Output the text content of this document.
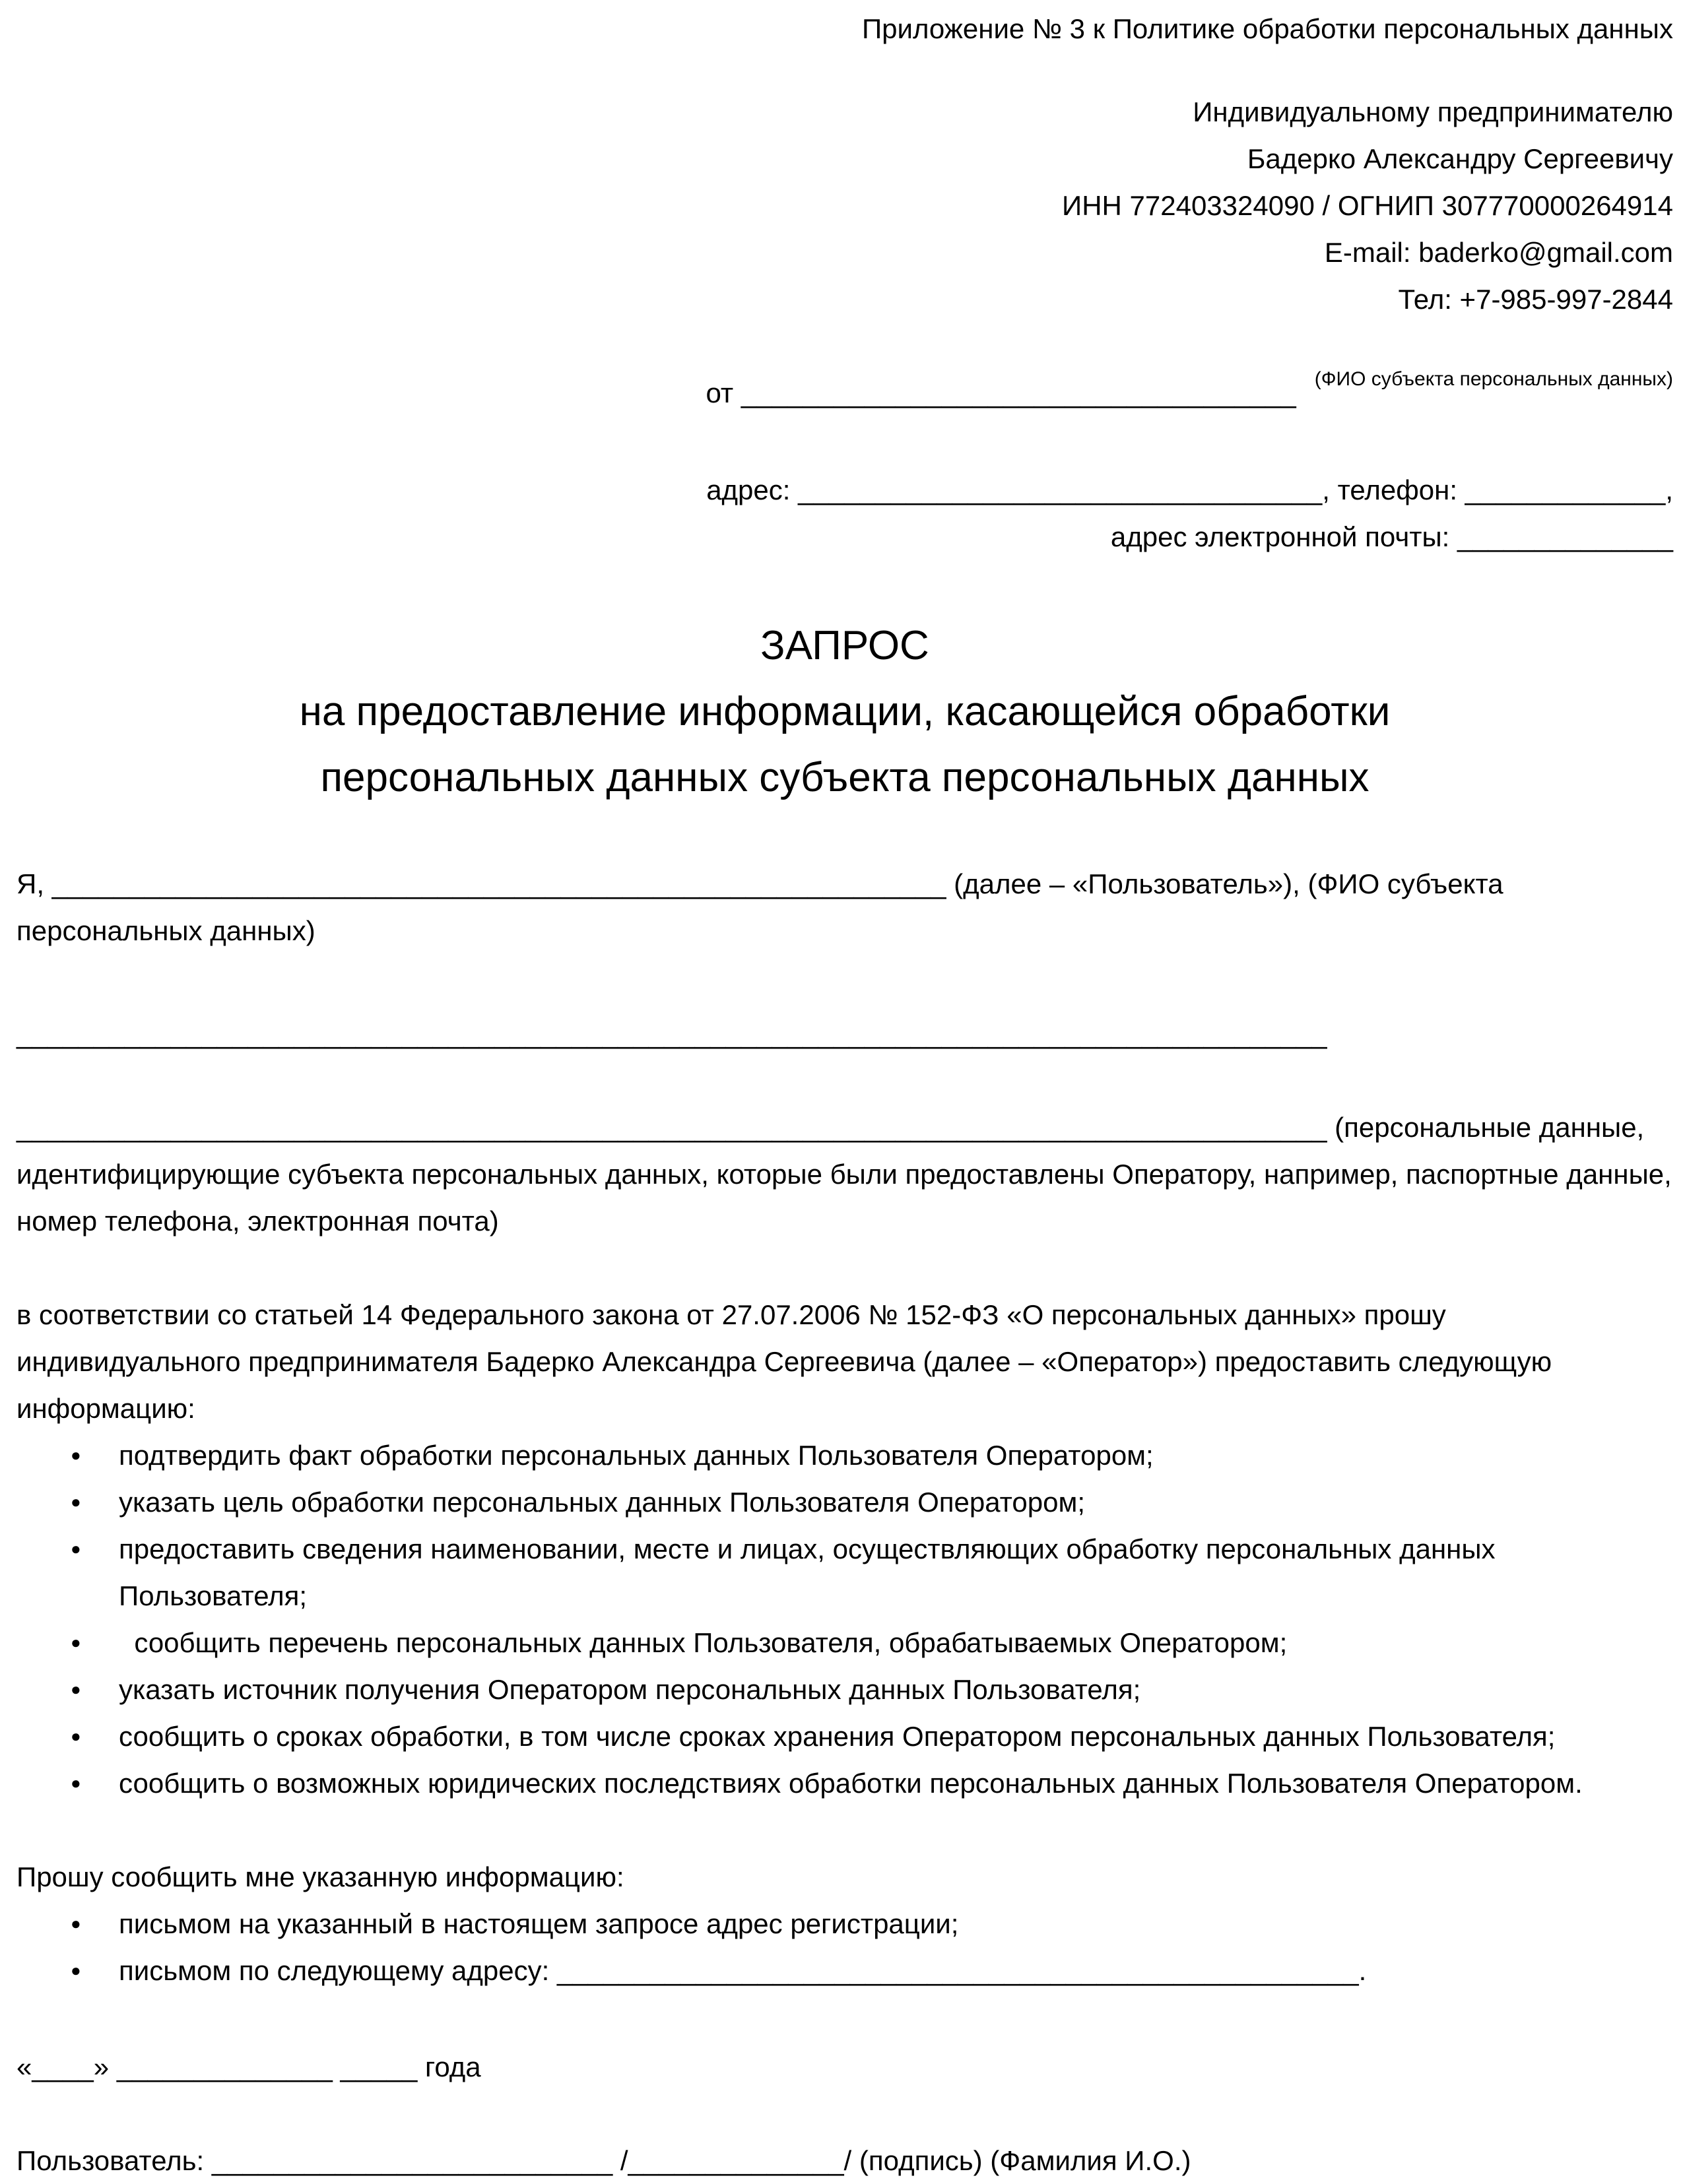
Приложение № 3 к Политике обработки персональных данных
Индивидуальному предпринимателю
Бадерко Александру Сергеевичу
ИНН 772403324090 / ОГНИП 307770000264914
E-mail: baderko@gmail.com
Тел: +7-985-997-2844

от ____________________________________ $^{(ФИО субъекта персональных данных)}$

адрес: __________________________________, телефон: _____________,
адрес электронной почты: ______________
ЗАПРОС
на предоставление информации, касающейся обработки
персональных данных субъекта персональных данных
Я, __________________________________________________________ (далее – «Пользователь»), (ФИО субъекта
персональных данных)
_____________________________________________________________________________________
_____________________________________________________________________________________ (персональные данные,
идентифицирующие субъекта персональных данных, которые были предоставлены Оператору, например, паспортные данные,
номер телефона, электронная почта)
в соответствии со статьей 14 Федерального закона от 27.07.2006 № 152-ФЗ «О персональных данных» прошу
индивидуального предпринимателя Бадерко Александра Сергеевича (далее – «Оператор») предоставить следующую
информацию:
● подтвердить факт обработки персональных данных Пользователя Оператором;
● указать цель обработки персональных данных Пользователя Оператором;
● предоставить сведения наименовании, месте и лицах, осуществляющих обработку персональных данных
Пользователя;
●   сообщить перечень персональных данных Пользователя, обрабатываемых Оператором;
● указать источник получения Оператором персональных данных Пользователя;
● сообщить о сроках обработки, в том числе сроках хранения Оператором персональных данных Пользователя;
● сообщить о возможных юридических последствиях обработки персональных данных Пользователя Оператором.
Прошу сообщить мне указанную информацию:
● письмом на указанный в настоящем запросе адрес регистрации;
● письмом по следующему адресу: ____________________________________________________.
«____» ______________ _____ года
Пользователь: __________________________ /______________/ (подпись) (Фамилия И.О.)
